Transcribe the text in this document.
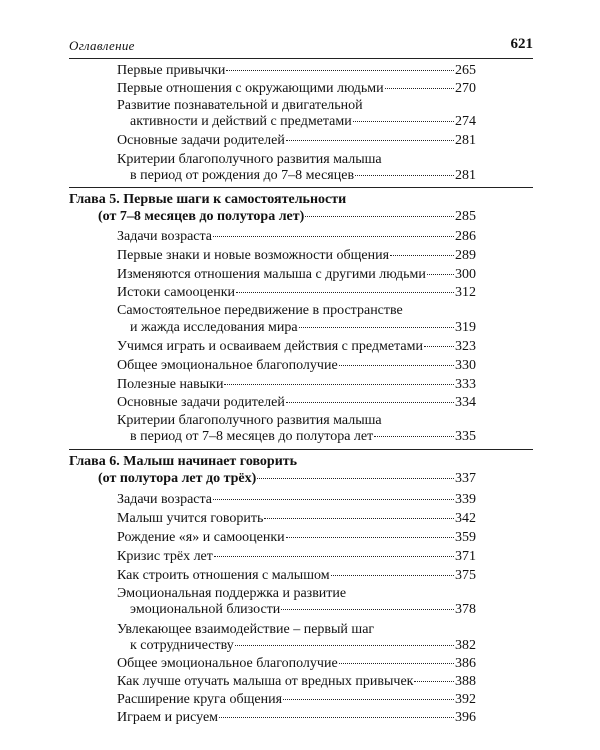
Оглавление	621
Первые привычки	265
Первые отношения с окружающими людьми	270
Развитие познавательной и двигательной
активности и действий с предметами	274
Основные задачи родителей	281
Критерии благополучного развития малыша
в период от рождения до 7–8 месяцев	281
Глава 5. Первые шаги к самостоятельности
(от 7–8 месяцев до полутора лет)	285
Задачи возраста	286
Первые знаки и новые возможности общения	289
Изменяются отношения малыша с другими людьми 300
Истоки самооценки	312
Самостоятельное передвижение в пространстве
и жажда исследования мира	319
Учимся играть и осваиваем действия с предметами 323
Общее эмоциональное благополучие	330
Полезные навыки	333
Основные задачи родителей	334
Критерии благополучного развития малыша
в период от 7–8 месяцев до полутора лет	335
Глава 6. Малыш начинает говорить
(от полутора лет до трёх)	337
Задачи возраста	339
Малыш учится говорить	342
Рождение «я» и самооценки	359
Кризис трёх лет	371
Как строить отношения с малышом	375
Эмоциональная поддержка и развитие
эмоциональной близости	378
Увлекающее взаимодействие – первый шаг
к сотрудничеству	382
Общее эмоциональное благополучие	386
Как лучше отучать малыша от вредных привычек	388
Расширение круга общения	392
Играем и рисуем	396
